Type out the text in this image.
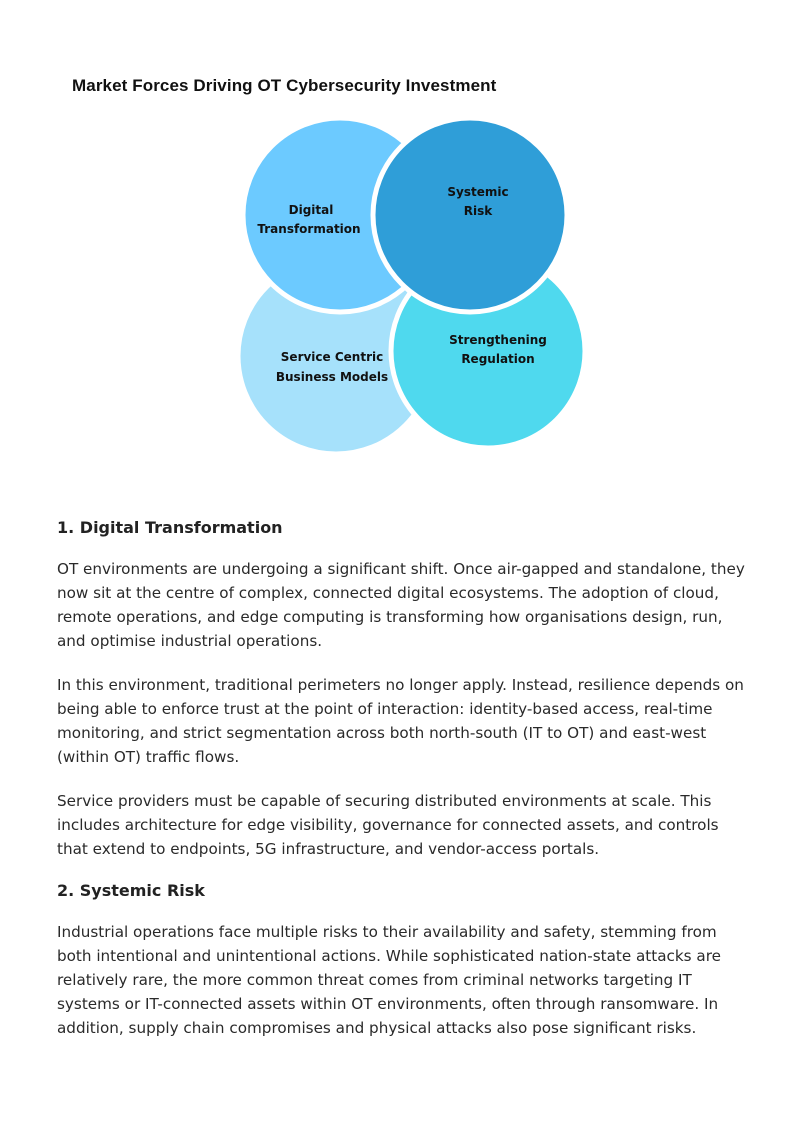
Market Forces Driving OT Cybersecurity Investment
Digital
Transformation
Systemic
Risk
Strengthening
Regulation
Service Centric
Business Models
1. Digital Transformation

OT environments are undergoing a significant shift. Once air-gapped and standalone, they now sit at the centre of complex, connected digital ecosystems. The adoption of cloud, remote operations, and edge computing is transforming how organisations design, run, and optimise industrial operations.

In this environment, traditional perimeters no longer apply. Instead, resilience depends on being able to enforce trust at the point of interaction: identity-based access, real-time monitoring, and strict segmentation across both north-south (IT to OT) and east-west (within OT) traffic flows.

Service providers must be capable of securing distributed environments at scale. This includes architecture for edge visibility, governance for connected assets, and controls that extend to endpoints, 5G infrastructure, and vendor-access portals.

2. Systemic Risk

Industrial operations face multiple risks to their availability and safety, stemming from both intentional and unintentional actions. While sophisticated nation-state attacks are relatively rare, the more common threat comes from criminal networks targeting IT systems or IT-connected assets within OT environments, often through ransomware. In addition, supply chain compromises and physical attacks also pose significant risks.
